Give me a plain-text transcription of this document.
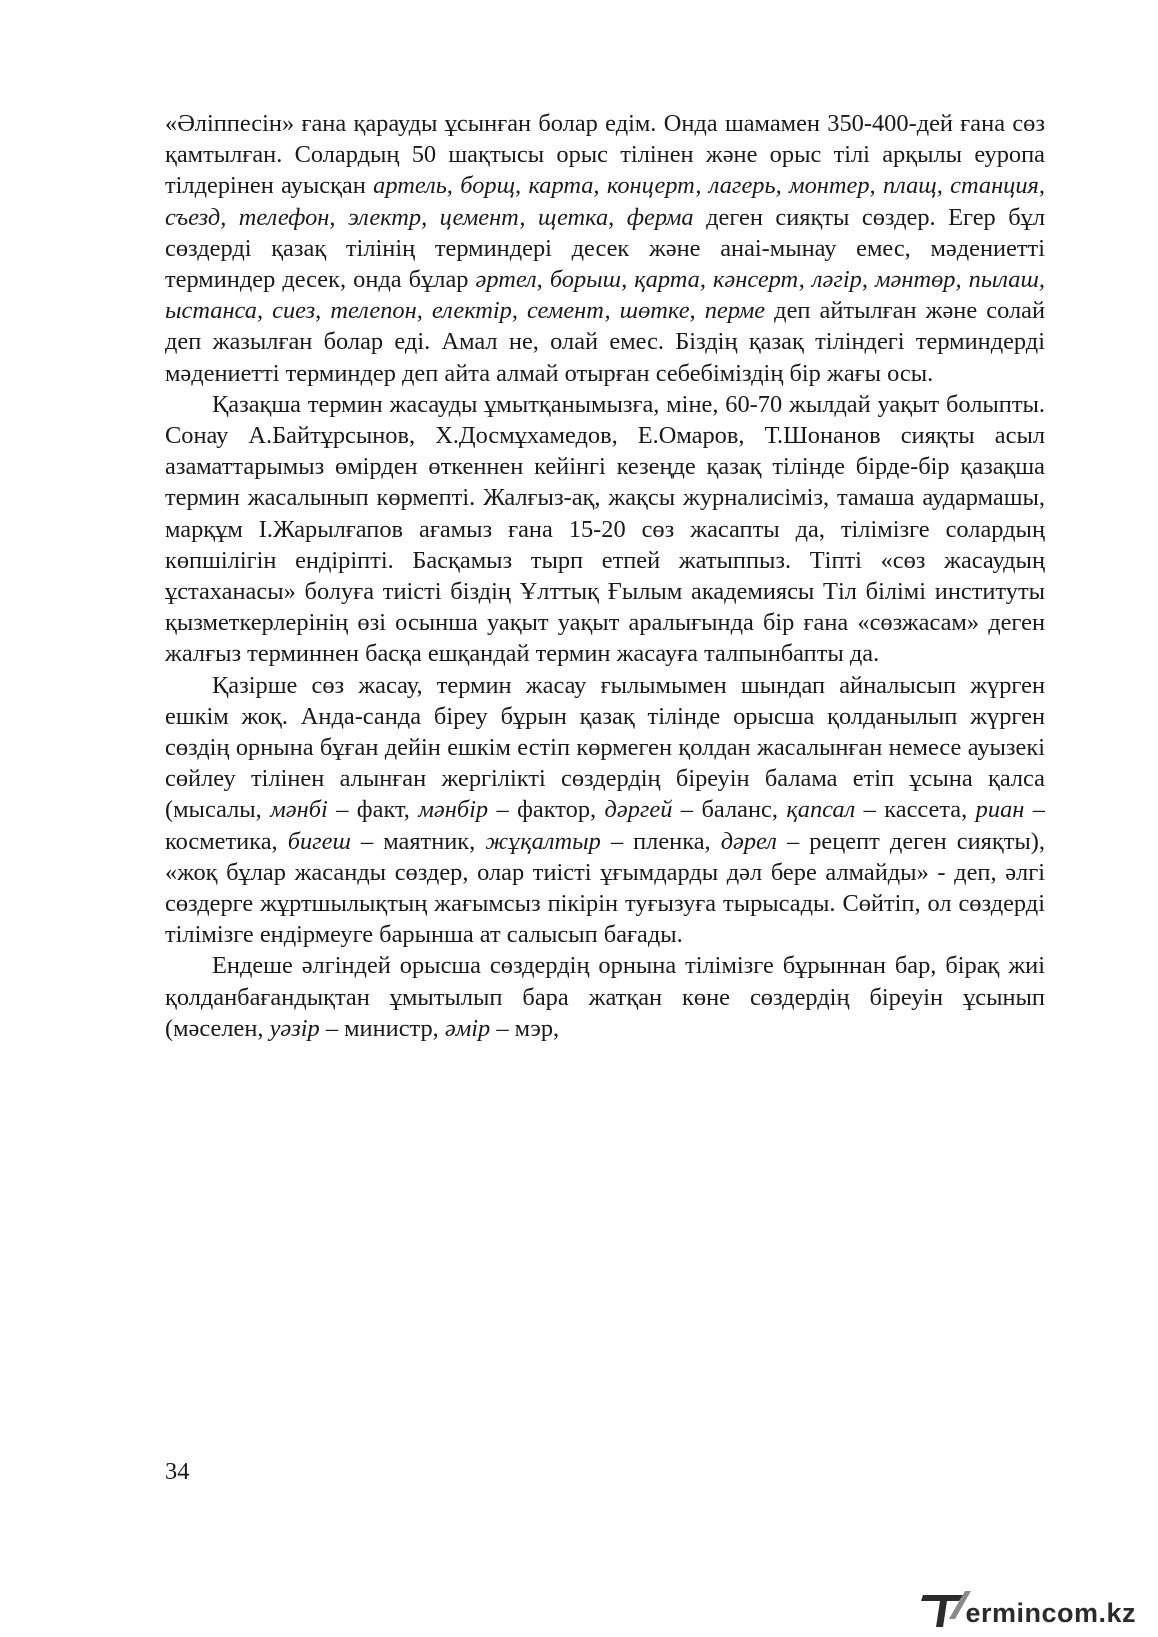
«Әліппесін» ғана қарауды ұсынған болар едім. Онда шамамен 350-400-дей ғана сөз қамтылған. Солардың 50 шақтысы орыс тілінен және орыс тілі арқылы еуропа тілдерінен ауысқан артель, борщ, карта, концерт, лагерь, монтер, плащ, станция, съезд, телефон, электр, цемент, щетка, ферма деген сияқты сөздер. Егер бұл сөздерді қазақ тілінің терминдері десек және анаі-мынау емес, мәдениетті терминдер десек, онда бұлар әртел, борыш, қарта, кәнсерт, ләгір, мәнтөр, пылаш, ыстанса, сиез, телепон, електір, семент, шөтке, перме деп айтылған және солай деп жазылған болар еді. Амал не, олай емес. Біздің қазақ тіліндегі терминдерді мәдениетті терминдер деп айта алмай отырған себебіміздің бір жағы осы.

Қазақша термин жасауды ұмытқанымызға, міне, 60-70 жылдай уақыт болыпты. Сонау А.Байтұрсынов, Х.Досмұхамедов, Е.Омаров, Т.Шонанов сияқты асыл азаматтарымыз өмірден өткеннен кейінгі кезеңде қазақ тілінде бірде-бір қазақша термин жасалынып көрмепті. Жалғыз-ақ, жақсы журналисіміз, тамаша аудармашы, марқұм І.Жарылғапов ағамыз ғана 15-20 сөз жасапты да, тілімізге солардың көпшілігін ендіріпті. Басқамыз тырп етпей жатыппыз. Тіпті «сөз жасаудың ұстаханасы» болуға тиісті біздің Ұлттық Ғылым академиясы Тіл білімі институты қызметкерлерінің өзі осынша уақыт уақыт аралығында бір ғана «сөзжасам» деген жалғыз терминнен басқа ешқандай термин жасауға талпынбапты да.

Қазірше сөз жасау, термин жасау ғылымымен шындап айналысып жүрген ешкім жоқ. Анда-санда біреу бұрын қазақ тілінде орысша қолданылып жүрген сөздің орнына бұған дейін ешкім естіп көрмеген қолдан жасалынған немесе ауызекі сөйлеу тілінен алынған жергілікті сөздердің біреуін балама етіп ұсына қалса (мысалы, мәнбі – факт, мәнбір – фактор, дәргей – баланс, қапсал – кассета, риан – косметика, бигеш – маятник, жұқалтыр – пленка, дәрел – рецепт деген сияқты), «жоқ бұлар жасанды сөздер, олар тиісті ұғымдарды дәл бере алмайды» - деп, әлгі сөздерге жұртшылықтың жағымсыз пікірін туғызуға тырысады. Сөйтіп, ол сөздерді тілімізге ендірмеуге барынша ат салысып бағады.

Ендеше әлгіндей орысша сөздердің орнына тілімізге бұрыннан бар, бірақ жиі қолданбағандықтан ұмытылып бара жатқан көне сөздердің біреуін ұсынып (мәселен, уәзір – министр, әмір – мэр,

34
ermincom.kz
